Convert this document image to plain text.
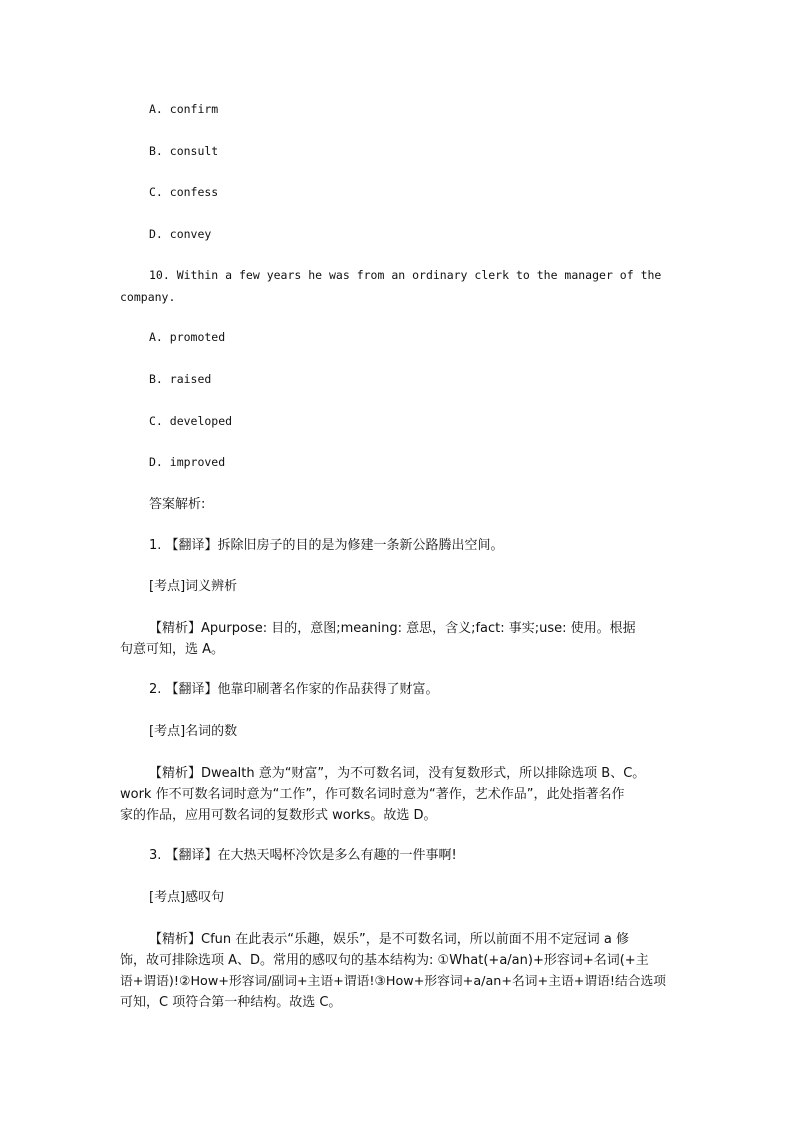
A. confirm
B. consult
C. confess
D. convey
10. Within a few years he was from an ordinary clerk to the manager of the
company.
A. promoted
B. raised
C. developed
D. improved
答案解析:
1. 【翻译】拆除旧房子的目的是为修建一条新公路腾出空间。
[考点]词义辨析
【精析】Apurpose: 目的，意图;meaning: 意思，含义;fact: 事实;use: 使用。根据
句意可知，选 A。
2. 【翻译】他靠印刷著名作家的作品获得了财富。
[考点]名词的数
【精析】Dwealth 意为“财富”，为不可数名词，没有复数形式，所以排除选项 B、C。
work 作不可数名词时意为“工作”，作可数名词时意为“著作，艺术作品”，此处指著名作
家的作品，应用可数名词的复数形式 works。故选 D。
3. 【翻译】在大热天喝杯冷饮是多么有趣的一件事啊!
[考点]感叹句
【精析】Cfun 在此表示“乐趣，娱乐”，是不可数名词，所以前面不用不定冠词 a 修
饰，故可排除选项 A、D。常用的感叹句的基本结构为: ①What(+a/an)+形容词+名词(+主
语+谓语)!②How+形容词/副词+主语+谓语!③How+形容词+a/an+名词+主语+谓语!结合选项
可知，C 项符合第一种结构。故选 C。
